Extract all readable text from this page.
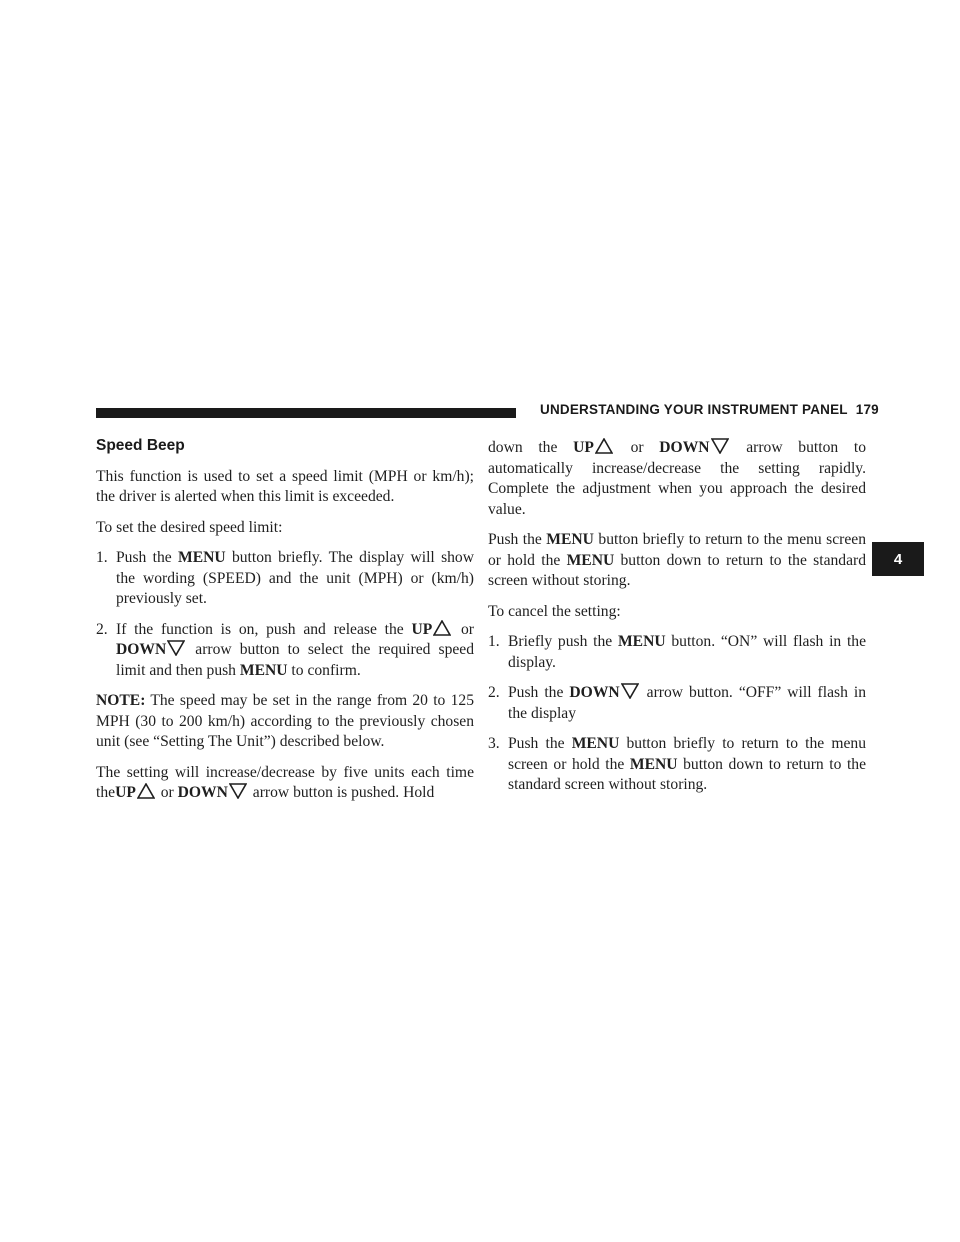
UNDERSTANDING YOUR INSTRUMENT PANEL 179
4
Speed Beep

This function is used to set a speed limit (MPH or km/h); the driver is alerted when this limit is exceeded.

To set the desired speed limit:

1. Push the MENU button briefly. The display will show the wording (SPEED) and the unit (MPH) or (km/h) previously set.
2. If the function is on, push and release the UP
or DOWN
arrow button to select the required speed limit and then push MENU to confirm.

NOTE: The speed may be set in the range from 20 to 125 MPH (30 to 200 km/h) according to the previously chosen unit (see “Setting The Unit”) described below.

The setting will increase/decrease by five units each time theUP
or DOWN
arrow button is pushed. Hold

down the UP
or DOWN
arrow button to automatically increase/decrease the setting rapidly. Complete the adjustment when you approach the desired value.

Push the MENU button briefly to return to the menu screen or hold the MENU button down to return to the standard screen without storing.

To cancel the setting:

1. Briefly push the MENU button. “ON” will flash in the display.
2. Push the DOWN
arrow button. “OFF” will flash in the display
3. Push the MENU button briefly to return to the menu screen or hold the MENU button down to return to the standard screen without storing.
